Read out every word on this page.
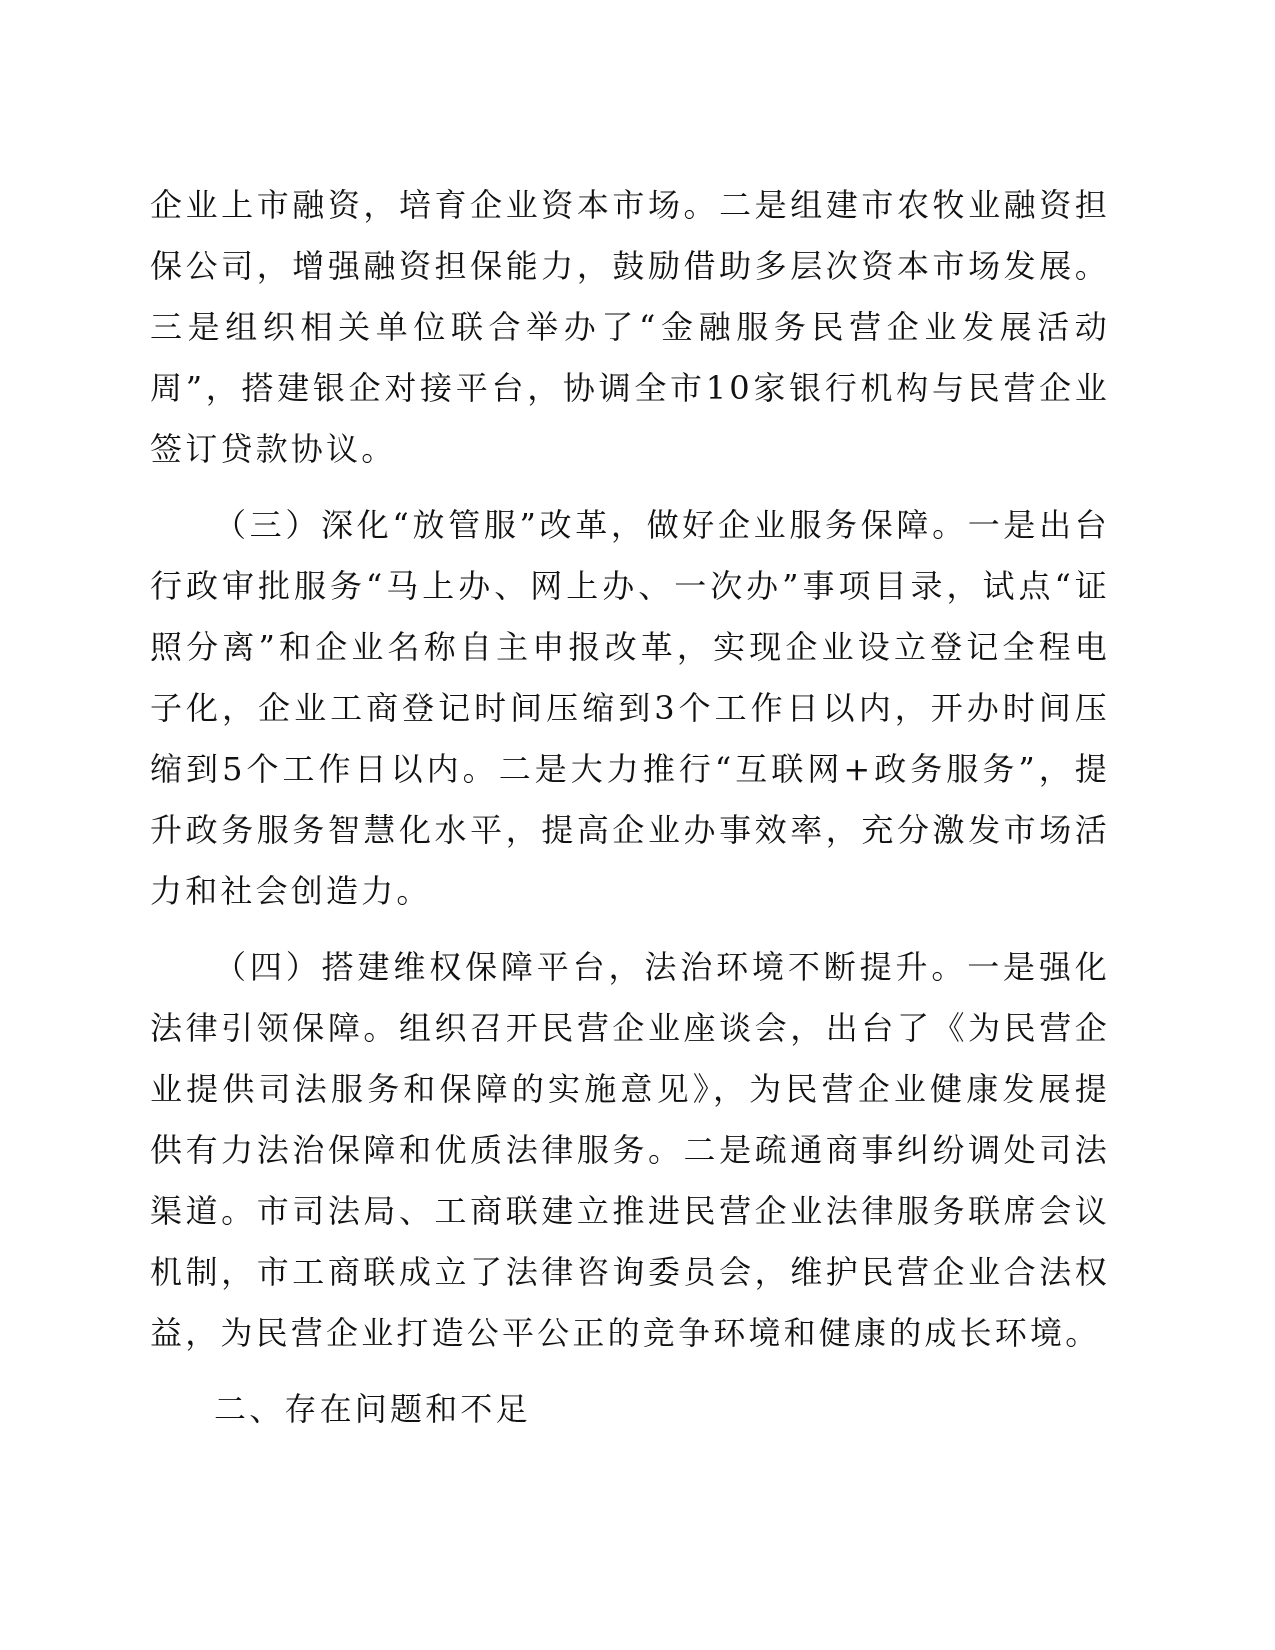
企业上市融资，培育企业资本市场。二是组建市农牧业融资担保公司，增强融资担保能力，鼓励借助多层次资本市场发展。三是组织相关单位联合举办了“金融服务民营企业发展活动周”，搭建银企对接平台，协调全市10家银行机构与民营企业签订贷款协议。

（三）深化“放管服”改革，做好企业服务保障。一是出台行政审批服务“马上办、网上办、一次办”事项目录，试点“证照分离”和企业名称自主申报改革，实现企业设立登记全程电子化，企业工商登记时间压缩到3个工作日以内，开办时间压缩到5个工作日以内。二是大力推行“互联网+政务服务”，提升政务服务智慧化水平，提高企业办事效率，充分激发市场活力和社会创造力。

（四）搭建维权保障平台，法治环境不断提升。一是强化法律引领保障。组织召开民营企业座谈会，出台了《为民营企业提供司法服务和保障的实施意见》，为民营企业健康发展提供有力法治保障和优质法律服务。二是疏通商事纠纷调处司法渠道。市司法局、工商联建立推进民营企业法律服务联席会议机制，市工商联成立了法律咨询委员会，维护民营企业合法权益，为民营企业打造公平公正的竞争环境和健康的成长环境。

二、存在问题和不足
